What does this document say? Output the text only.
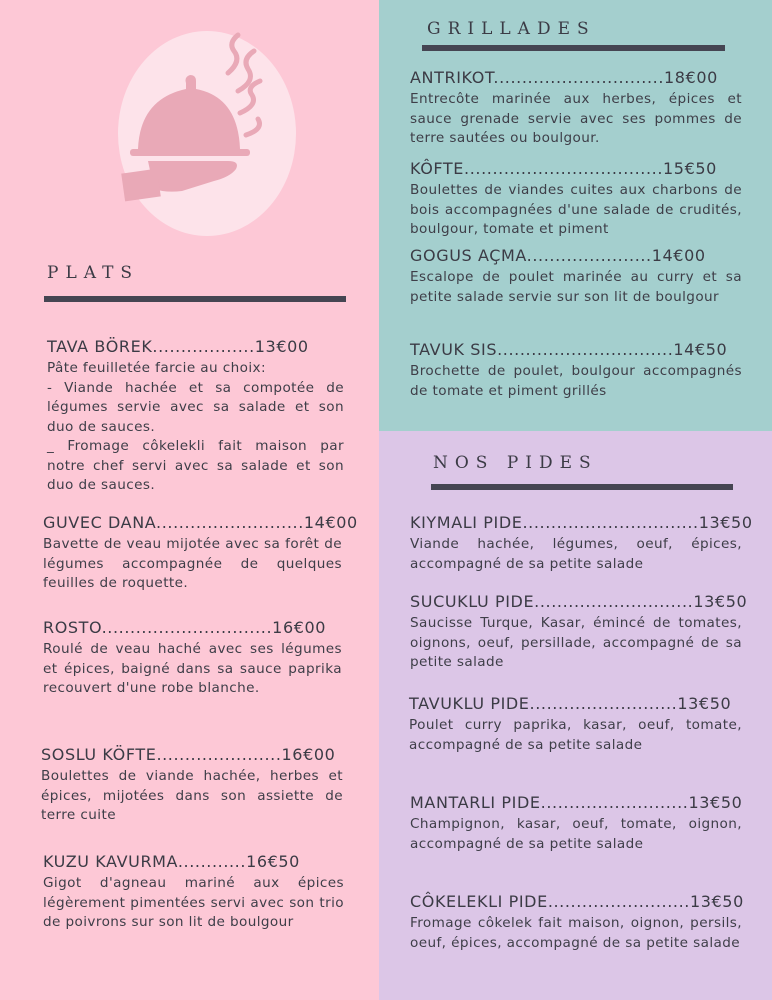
PLATS
TAVA BÖREK..................13€00
Pâte feuilletée farcie au choix:
- Viande hachée et sa compotée de légumes servie avec sa salade et son duo de sauces.
_ Fromage côkelekli fait maison par notre chef servi avec sa salade et son duo de sauces.
GUVEC DANA..........................14€00
Bavette de veau mijotée avec sa forêt de légumes accompagnée de quelques feuilles de roquette.
ROSTO..............................16€00
Roulé de veau haché avec ses légumes et épices, baigné dans sa sauce paprika recouvert d'une robe blanche.
SOSLU KÖFTE......................16€00
Boulettes de viande hachée, herbes et épices, mijotées dans son assiette de terre cuite
KUZU KAVURMA............16€50
Gigot d'agneau mariné aux épices légèrement pimentées servi avec son trio de poivrons sur son lit de boulgour
GRILLADES
ANTRIKOT..............................18€00
Entrecôte marinée aux herbes, épices et sauce grenade servie avec ses pommes de terre sautées ou boulgour.
KÔFTE...................................15€50
Boulettes de viandes cuites aux charbons de bois accompagnées d'une salade de crudités, boulgour, tomate et piment
GOGUS AÇMA......................14€00
Escalope de poulet marinée au curry et sa petite salade servie sur son lit de boulgour
TAVUK SIS...............................14€50
Brochette de poulet, boulgour accompagnés de tomate et piment grillés
NOS PIDES
KIYMALI PIDE...............................13€50
Viande hachée, légumes, oeuf, épices, accompagné de sa petite salade
SUCUKLU PIDE............................13€50
Saucisse Turque, Kasar, émincé de tomates, oignons, oeuf, persillade, accompagné de sa petite salade
TAVUKLU PIDE..........................13€50
Poulet curry paprika, kasar, oeuf, tomate, accompagné de sa petite salade
MANTARLI PIDE..........................13€50
Champignon, kasar, oeuf, tomate, oignon, accompagné de sa petite salade
CÔKELEKLI PIDE.........................13€50
Fromage côkelek fait maison, oignon, persils, oeuf, épices, accompagné de sa petite salade
